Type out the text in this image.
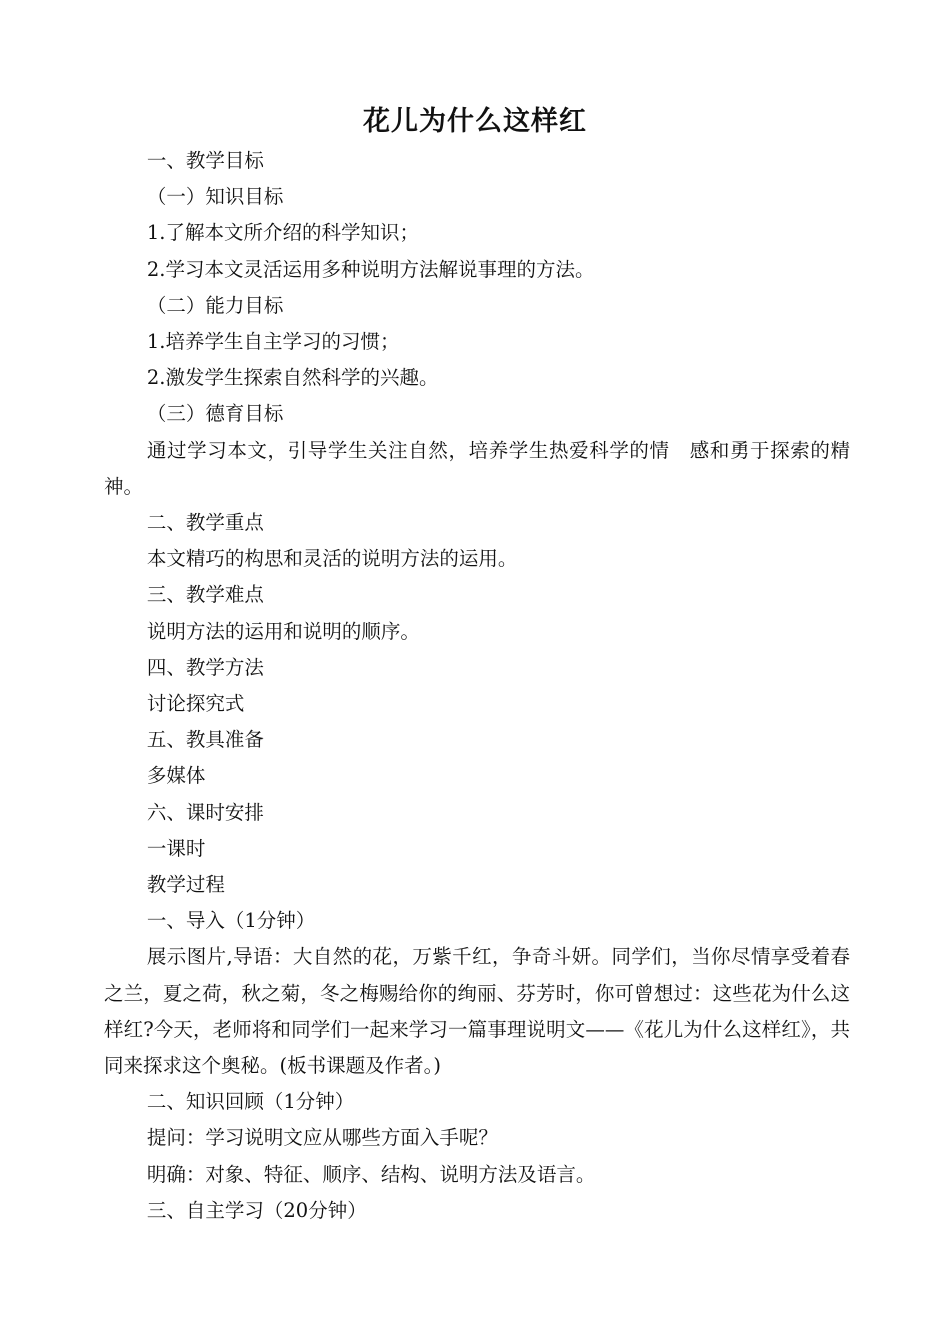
花儿为什么这样红

一、教学目标

（一）知识目标

1.了解本文所介绍的科学知识；

2.学习本文灵活运用多种说明方法解说事理的方法。

（二）能力目标

1.培养学生自主学习的习惯；

2.激发学生探索自然科学的兴趣。

（三）德育目标

通过学习本文，引导学生关注自然，培养学生热爱科学的情　感和勇于探索的精神。

二、教学重点

本文精巧的构思和灵活的说明方法的运用。

三、教学难点

说明方法的运用和说明的顺序。

四、教学方法

讨论探究式

五、教具准备

多媒体

六、课时安排

一课时

教学过程

一、导入（1分钟）

展示图片,导语：大自然的花，万紫千红，争奇斗妍。同学们，当你尽情享受着春之兰，夏之荷，秋之菊，冬之梅赐给你的绚丽、芬芳时，你可曾想过：这些花为什么这样红?今天，老师将和同学们一起来学习一篇事理说明文——《花儿为什么这样红》，共同来探求这个奥秘。(板书课题及作者。)

二、知识回顾（1分钟）

提问：学习说明文应从哪些方面入手呢？

明确：对象、特征、顺序、结构、说明方法及语言。

三、自主学习（20分钟）
